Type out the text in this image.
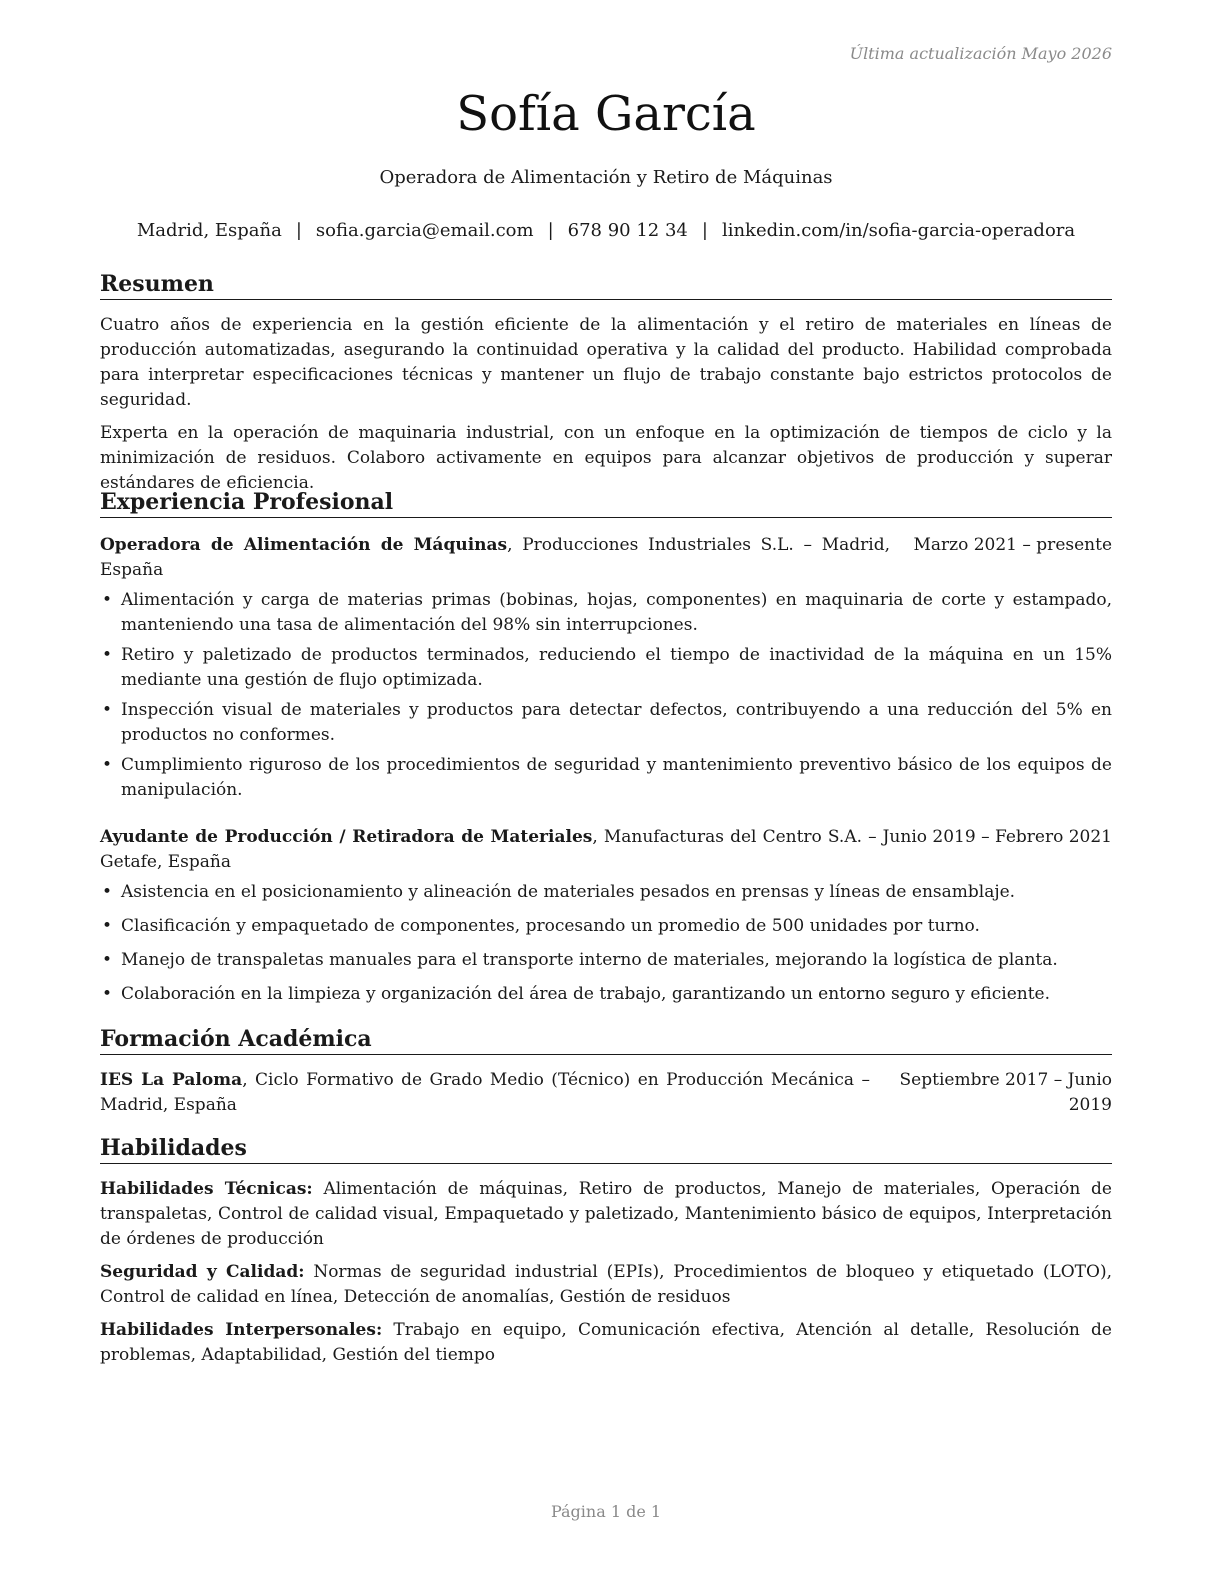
Última actualización Mayo 2026
Sofía García
Operadora de Alimentación y Retiro de Máquinas
Madrid, España | sofia.garcia@email.com | 678 90 12 34 | linkedin.com/in/sofia-garcia-operadora
Resumen

Cuatro años de experiencia en la gestión eficiente de la alimentación y el retiro de materiales en líneas de producción automatizadas, asegurando la continuidad operativa y la calidad del producto. Habilidad comprobada para interpretar especificaciones técnicas y mantener un flujo de trabajo constante bajo estrictos protocolos de seguridad.

Experta en la operación de maquinaria industrial, con un enfoque en la optimización de tiempos de ciclo y la minimización de residuos. Colaboro activamente en equipos para alcanzar objetivos de producción y superar estándares de eficiencia.

Experiencia Profesional
Operadora de Alimentación de Máquinas, Producciones Industriales S.L. – Madrid, España
Marzo 2021 – presente
• Alimentación y carga de materias primas (bobinas, hojas, componentes) en maquinaria de corte y estampado, manteniendo una tasa de alimentación del 98% sin interrupciones.
• Retiro y paletizado de productos terminados, reduciendo el tiempo de inactividad de la máquina en un 15% mediante una gestión de flujo optimizada.
• Inspección visual de materiales y productos para detectar defectos, contribuyendo a una reducción del 5% en productos no conformes.
• Cumplimiento riguroso de los procedimientos de seguridad y mantenimiento preventivo básico de los equipos de manipulación.
Ayudante de Producción / Retiradora de Materiales, Manufacturas del Centro S.A. – Getafe, España
Junio 2019 – Febrero 2021
• Asistencia en el posicionamiento y alineación de materiales pesados en prensas y líneas de ensamblaje.
• Clasificación y empaquetado de componentes, procesando un promedio de 500 unidades por turno.
• Manejo de transpaletas manuales para el transporte interno de materiales, mejorando la logística de planta.
• Colaboración en la limpieza y organización del área de trabajo, garantizando un entorno seguro y eficiente.
Formación Académica
IES La Paloma, Ciclo Formativo de Grado Medio (Técnico) en Producción Mecánica – Madrid, España
Septiembre 2017 – Junio 2019
Habilidades

Habilidades Técnicas: Alimentación de máquinas, Retiro de productos, Manejo de materiales, Operación de transpaletas, Control de calidad visual, Empaquetado y paletizado, Mantenimiento básico de equipos, Interpretación de órdenes de producción

Seguridad y Calidad: Normas de seguridad industrial (EPIs), Procedimientos de bloqueo y etiquetado (LOTO), Control de calidad en línea, Detección de anomalías, Gestión de residuos

Habilidades Interpersonales: Trabajo en equipo, Comunicación efectiva, Atención al detalle, Resolución de problemas, Adaptabilidad, Gestión del tiempo

Página 1 de 1
